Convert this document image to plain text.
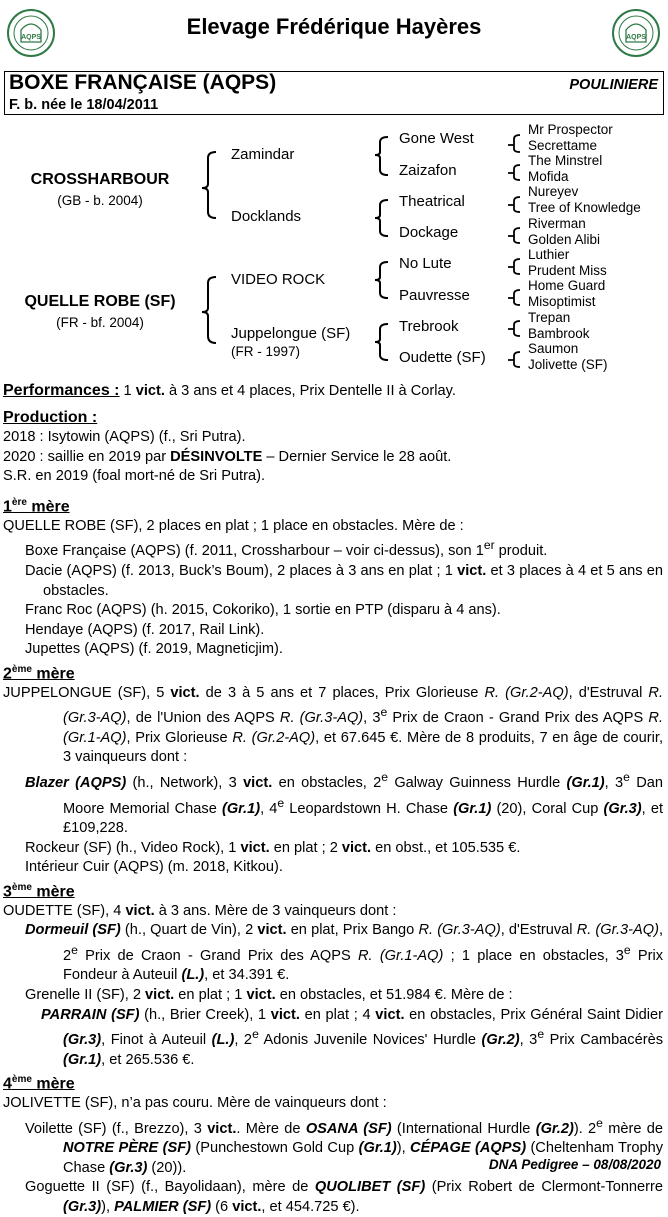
AQPS	Elevage Frédérique Hayères	AQPS
BOXE FRANÇAISE (AQPS)
F. b. née le 18/04/2011
POULINIERE
CROSSHARBOUR
(GB - b. 2004)
QUELLE ROBE (SF)
(FR - bf. 2004)
Zamindar
Docklands
VIDEO ROCK
Juppelongue (SF)
(FR - 1997)
Gone West
Zaizafon
Theatrical
Dockage
No Lute
Pauvresse
Trebrook
Oudette (SF)
Mr Prospector
Secrettame
The Minstrel
Mofida
Nureyev
Tree of Knowledge
Riverman
Golden Alibi
Luthier
Prudent Miss
Home Guard
Misoptimist
Trepan
Bambrook
Saumon
Jolivette (SF)

Performances : 1 vict. à 3 ans et 4 places, Prix Dentelle II à Corlay.

Production :

2018 : Isytowin (AQPS) (f., Sri Putra).

2020 : saillie en 2019 par DÉSINVOLTE – Dernier Service le 28 août.

S.R. en 2019 (foal mort-né de Sri Putra).

1ère mère

QUELLE ROBE (SF), 2 places en plat ; 1 place en obstacles. Mère de :

Boxe Française (AQPS) (f. 2011, Crossharbour – voir ci-dessus), son 1er produit.

Dacie (AQPS) (f. 2013, Buck’s Boum), 2 places à 3 ans en plat ; 1 vict. et 3 places à 4 et 5 ans en obstacles.

Franc Roc (AQPS) (h. 2015, Cokoriko), 1 sortie en PTP (disparu à 4 ans).

Hendaye (AQPS) (f. 2017, Rail Link).

Jupettes (AQPS) (f. 2019, Magneticjim).

2ème mère

JUPPELONGUE (SF), 5 vict. de 3 à 5 ans et 7 places, Prix Glorieuse R. (Gr.2-AQ), d'Estruval R. (Gr.3-AQ), de l'Union des AQPS R. (Gr.3-AQ), 3e Prix de Craon - Grand Prix des AQPS R. (Gr.1-AQ), Prix Glorieuse R. (Gr.2-AQ), et 67.645 €. Mère de 8 produits, 7 en âge de courir, 3 vainqueurs dont :

Blazer (AQPS) (h., Network), 3 vict. en obstacles, 2e Galway Guinness Hurdle (Gr.1), 3e Dan Moore Memorial Chase (Gr.1), 4e Leopardstown H. Chase (Gr.1) (20), Coral Cup (Gr.3), et £109,228.

Rockeur (SF) (h., Video Rock), 1 vict. en plat ; 2 vict. en obst., et 105.535 €.

Intérieur Cuir (AQPS) (m. 2018, Kitkou).

3ème mère

OUDETTE (SF), 4 vict. à 3 ans. Mère de 3 vainqueurs dont :

Dormeuil (SF) (h., Quart de Vin), 2 vict. en plat, Prix Bango R. (Gr.3-AQ), d'Estruval R. (Gr.3-AQ), 2e Prix de Craon - Grand Prix des AQPS R. (Gr.1-AQ) ; 1 place en obstacles, 3e Prix Fondeur à Auteuil (L.), et 34.391 €.

Grenelle II (SF), 2 vict. en plat ; 1 vict. en obstacles, et 51.984 €. Mère de :

PARRAIN (SF) (h., Brier Creek), 1 vict. en plat ; 4 vict. en obstacles, Prix Général Saint Didier (Gr.3), Finot à Auteuil (L.), 2e Adonis Juvenile Novices' Hurdle (Gr.2), 3e Prix Cambacérès (Gr.1), et 265.536 €.

4ème mère

JOLIVETTE (SF), n’a pas couru. Mère de vainqueurs dont :

Voilette (SF) (f., Brezzo), 3 vict.. Mère de OSANA (SF) (International Hurdle (Gr.2)). 2e mère de NOTRE PÈRE (SF) (Punchestown Gold Cup (Gr.1)), CÉPAGE (AQPS) (Cheltenham Trophy Chase (Gr.3) (20)).

Goguette II (SF) (f., Bayolidaan), mère de QUOLIBET (SF) (Prix Robert de Clermont-Tonnerre (Gr.3)), PALMIER (SF) (6 vict., et 454.725 €).

DNA Pedigree – 08/08/2020
